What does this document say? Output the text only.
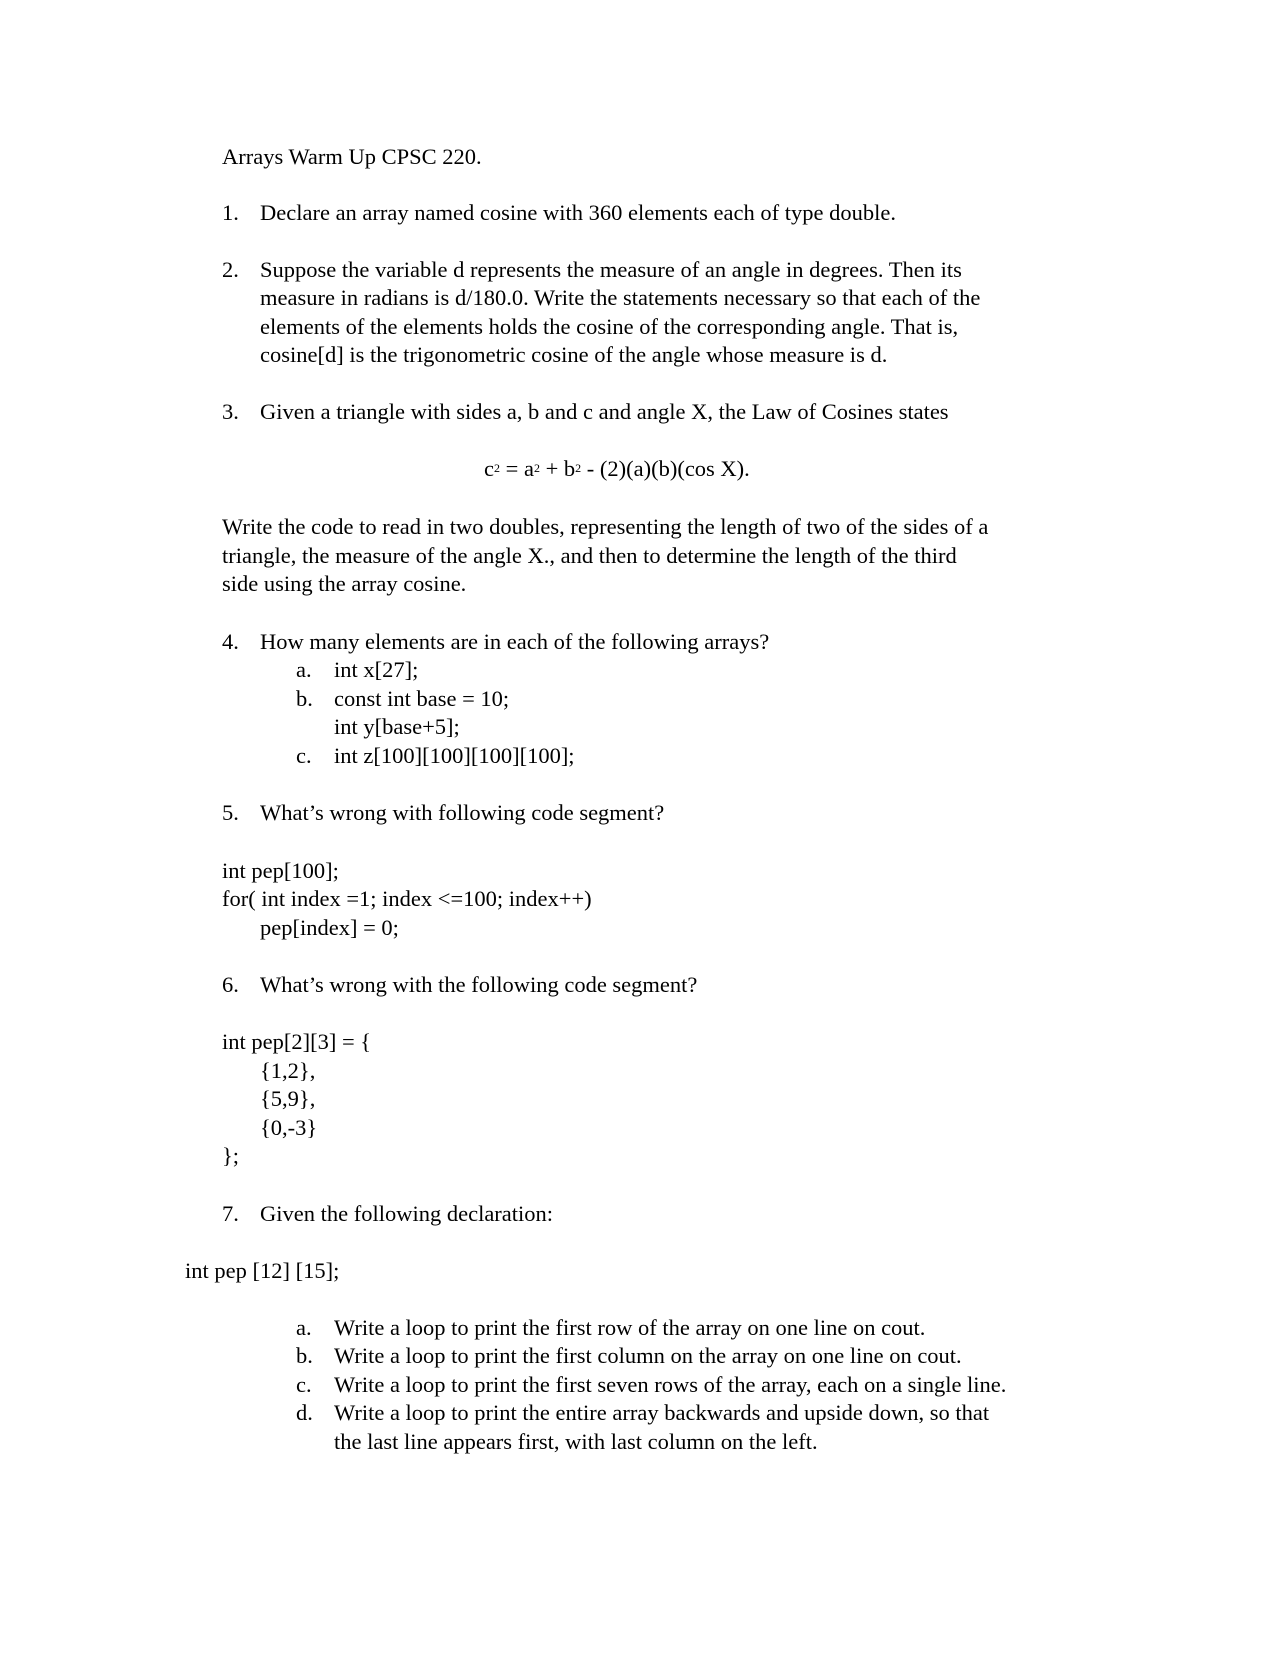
Arrays Warm Up CPSC 220.
1. Declare an array named cosine with 360 elements each of type double.
2. Suppose the variable d represents the measure of an angle in degrees. Then its
measure in radians is d/180.0. Write the statements necessary so that each of the
elements of the elements holds the cosine of the corresponding angle. That is,
cosine[d] is the trigonometric cosine of the angle whose measure is d.
3. Given a triangle with sides a, b and c and angle X, the Law of Cosines states
$c^2 = a^2 + b^2 - (2)(a)(b)(\cos$ X).
Write the code to read in two doubles, representing the length of two of the sides of a
triangle, the measure of the angle X., and then to determine the length of the third
side using the array cosine.
4. How many elements are in each of the following arrays?
a. int x[27];
b. const int base = 10;
int y[base+5];
c. int z[100][100][100][100];
5. What’s wrong with following code segment?
int pep[100];
for( int index =1; index <=100; index++)
pep[index] = 0;
6. What’s wrong with the following code segment?
int pep[2][3] = {
{1,2},
{5,9},
{0,-3}
};
7. Given the following declaration:
int pep [12] [15];
a. Write a loop to print the first row of the array on one line on cout.
b. Write a loop to print the first column on the array on one line on cout.
c. Write a loop to print the first seven rows of the array, each on a single line.
d. Write a loop to print the entire array backwards and upside down, so that
the last line appears first, with last column on the left.
